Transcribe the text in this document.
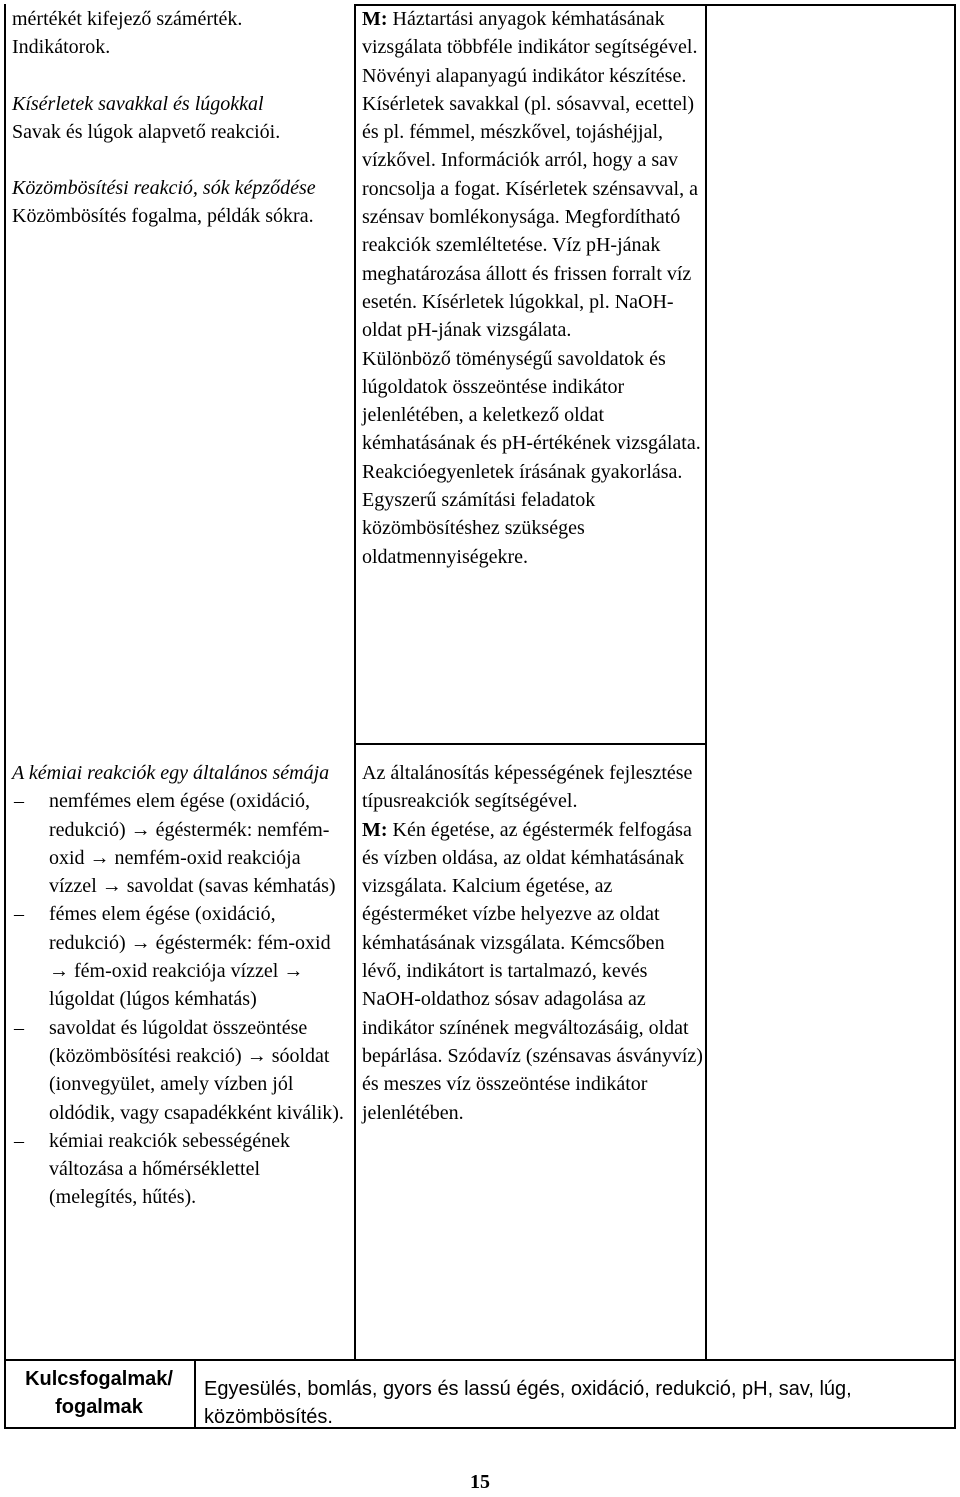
mértékét kifejező számérték.

Indikátorok.

Kísérletek savakkal és lúgokkal

Savak és lúgok alapvető reakciói.

Közömbösítési reakció, sók képződése

Közömbösítés fogalma, példák sókra.

M: Háztartási anyagok kémhatásának vizsgálata többféle indikátor segítségével. Növényi alapanyagú indikátor készítése. Kísérletek savakkal (pl. sósavval, ecettel) és pl. fémmel, mészkővel, tojáshéjjal, vízkővel. Információk arról, hogy a sav roncsolja a fogat. Kísérletek szénsavval, a szénsav bomlékonysága. Megfordítható reakciók szemléltetése. Víz pH-jának meghatározása állott és frissen forralt víz esetén. Kísérletek lúgokkal, pl. NaOH-oldat pH-jának vizsgálata.

Különböző töménységű savoldatok és lúgoldatok összeöntése indikátor jelenlétében, a keletkező oldat kémhatásának és pH-értékének vizsgálata. Reakcióegyenletek írásának gyakorlása.

Egyszerű számítási feladatok közömbösítéshez szükséges oldatmennyiségekre.

A kémiai reakciók egy általános sémája

– nemfémes elem égése (oxidáció, redukció) → égéstermék: nemfém-oxid → nemfém-oxid reakciója vízzel → savoldat (savas kémhatás)
– fémes elem égése (oxidáció, redukció) → égéstermék: fém-oxid → fém-oxid reakciója vízzel → lúgoldat (lúgos kémhatás)
– savoldat és lúgoldat összeöntése (közömbösítési reakció) → sóoldat (ionvegyület, amely vízben jól oldódik, vagy csapadékként kiválik).
– kémiai reakciók sebességének változása a hőmérséklettel (melegítés, hűtés).

Az általánosítás képességének fejlesztése típusreakciók segítségével.

M: Kén égetése, az égéstermék felfogása és vízben oldása, az oldat kémhatásának vizsgálata. Kalcium égetése, az égésterméket vízbe helyezve az oldat kémhatásának vizsgálata. Kémcsőben lévő, indikátort is tartalmazó, kevés NaOH-oldathoz sósav adagolása az indikátor színének megváltozásáig, oldat bepárlása. Szódavíz (szénsavas ásványvíz) és meszes víz összeöntése indikátor jelenlétében.

Kulcsfogalmak/ fogalmak
Egyesülés, bomlás, gyors és lassú égés, oxidáció, redukció, pH, sav, lúg, közömbösítés.
15
